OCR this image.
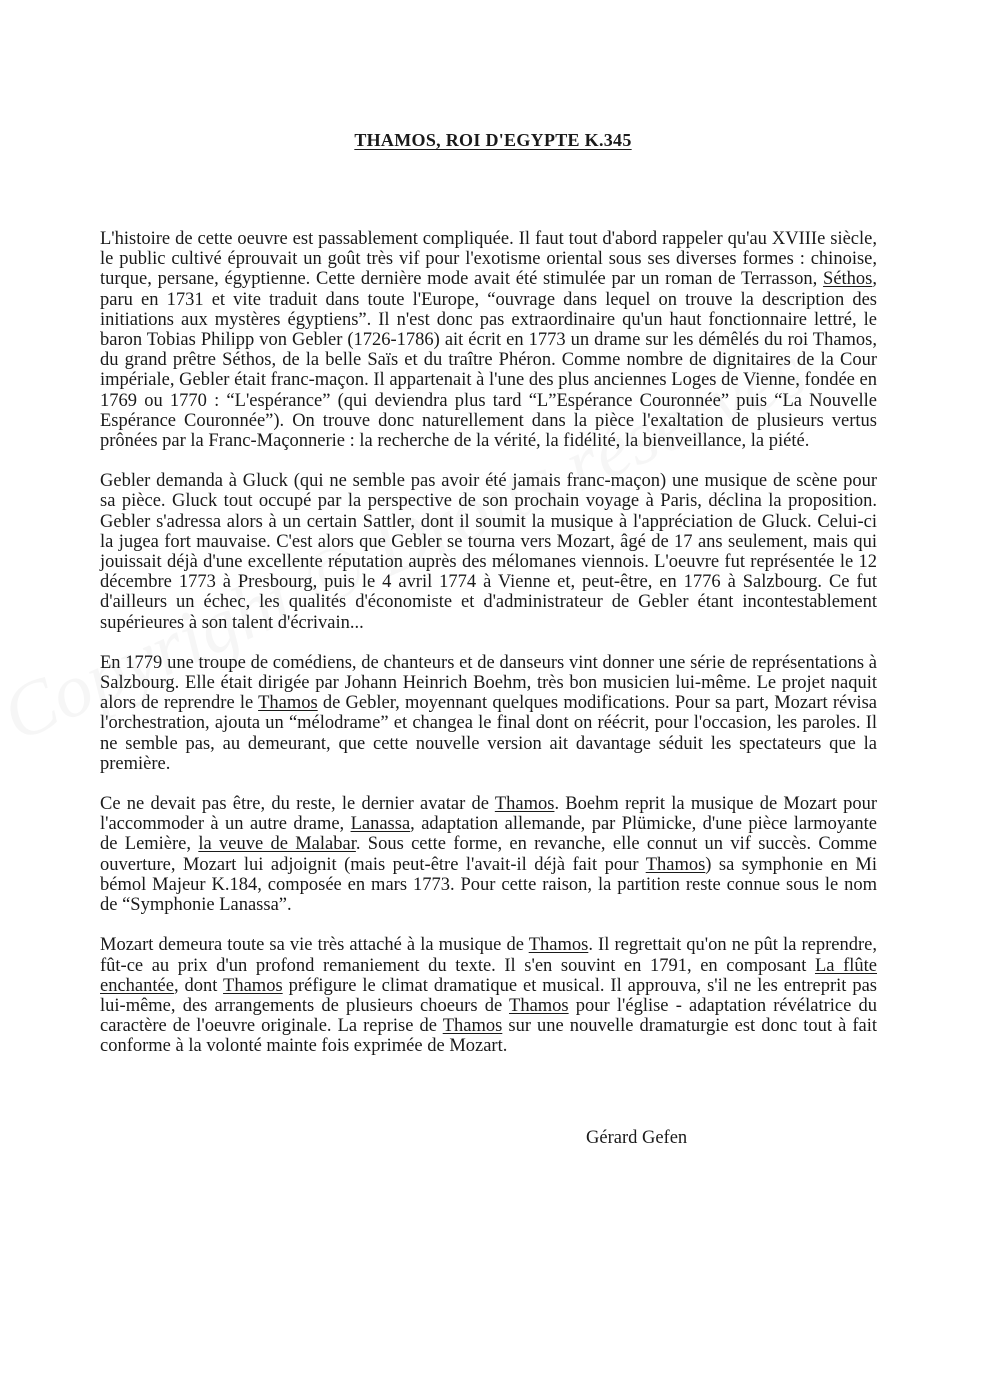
THAMOS, ROI D'EGYPTE K.345

L'histoire de cette oeuvre est passablement compliquée. Il faut tout d'abord rappeler qu'au XVIIIe siècle, le public cultivé éprouvait un goût très vif pour l'exotisme oriental sous ses diverses formes : chinoise, turque, persane, égyptienne. Cette dernière mode avait été stimulée par un roman de Terrasson, Séthos, paru en 1731 et vite traduit dans toute l'Europe, “ouvrage dans lequel on trouve la description des initiations aux mystères égyptiens”. Il n'est donc pas extraordinaire qu'un haut fonctionnaire lettré, le baron Tobias Philipp von Gebler (1726-1786) ait écrit en 1773 un drame sur les démêlés du roi Thamos, du grand prêtre Séthos, de la belle Saïs et du traître Phéron. Comme nombre de dignitaires de la Cour impériale, Gebler était franc-maçon. Il appartenait à l'une des plus anciennes Loges de Vienne, fondée en 1769 ou 1770 : “L'espérance” (qui deviendra plus tard “L”Espérance Couronnée” puis “La Nouvelle Espérance Couronnée”). On trouve donc naturellement dans la pièce l'exaltation de plusieurs vertus prônées par la Franc-Maçonnerie : la recherche de la vérité, la fidélité, la bienveillance, la piété.

Gebler demanda à Gluck (qui ne semble pas avoir été jamais franc-maçon) une musique de scène pour sa pièce. Gluck tout occupé par la perspective de son prochain voyage à Paris, déclina la proposition. Gebler s'adressa alors à un certain Sattler, dont il soumit la musique à l'appréciation de Gluck. Celui-ci la jugea fort mauvaise. C'est alors que Gebler se tourna vers Mozart, âgé de 17 ans seulement, mais qui jouissait déjà d'une excellente réputation auprès des mélomanes viennois. L'oeuvre fut représentée le 12 décembre 1773 à Presbourg, puis le 4 avril 1774 à Vienne et, peut-être, en 1776 à Salzbourg. Ce fut d'ailleurs un échec, les qualités d'économiste et d'administrateur de Gebler étant incontestablement supérieures à son talent d'écrivain...

En 1779 une troupe de comédiens, de chanteurs et de danseurs vint donner une série de représentations à Salzbourg. Elle était dirigée par Johann Heinrich Boehm, très bon musicien lui-même. Le projet naquit alors de reprendre le Thamos de Gebler, moyennant quelques modifications. Pour sa part, Mozart révisa l'orchestration, ajouta un “mélodrame” et changea le final dont on réécrit, pour l'occasion, les paroles. Il ne semble pas, au demeurant, que cette nouvelle version ait davantage séduit les spectateurs que la première.

Ce ne devait pas être, du reste, le dernier avatar de Thamos. Boehm reprit la musique de Mozart pour l'accommoder à un autre drame, Lanassa, adaptation allemande, par Plümicke, d'une pièce larmoyante de Lemière, la veuve de Malabar. Sous cette forme, en revanche, elle connut un vif succès. Comme ouverture, Mozart lui adjoignit (mais peut-être l'avait-il déjà fait pour Thamos) sa symphonie en Mi bémol Majeur K.184, composée en mars 1773. Pour cette raison, la partition reste connue sous le nom de “Symphonie Lanassa”.

Mozart demeura toute sa vie très attaché à la musique de Thamos. Il regrettait qu'on ne pût la reprendre, fût-ce au prix d'un profond remaniement du texte. Il s'en souvint en 1791, en composant La flûte enchantée, dont Thamos préfigure le climat dramatique et musical. Il approuva, s'il ne les entreprit pas lui-même, des arrangements de plusieurs choeurs de Thamos pour l'église - adaptation révélatrice du caractère de l'oeuvre originale. La reprise de Thamos sur une nouvelle dramaturgie est donc tout à fait conforme à la volonté mainte fois exprimée de Mozart.

Gérard Gefen
